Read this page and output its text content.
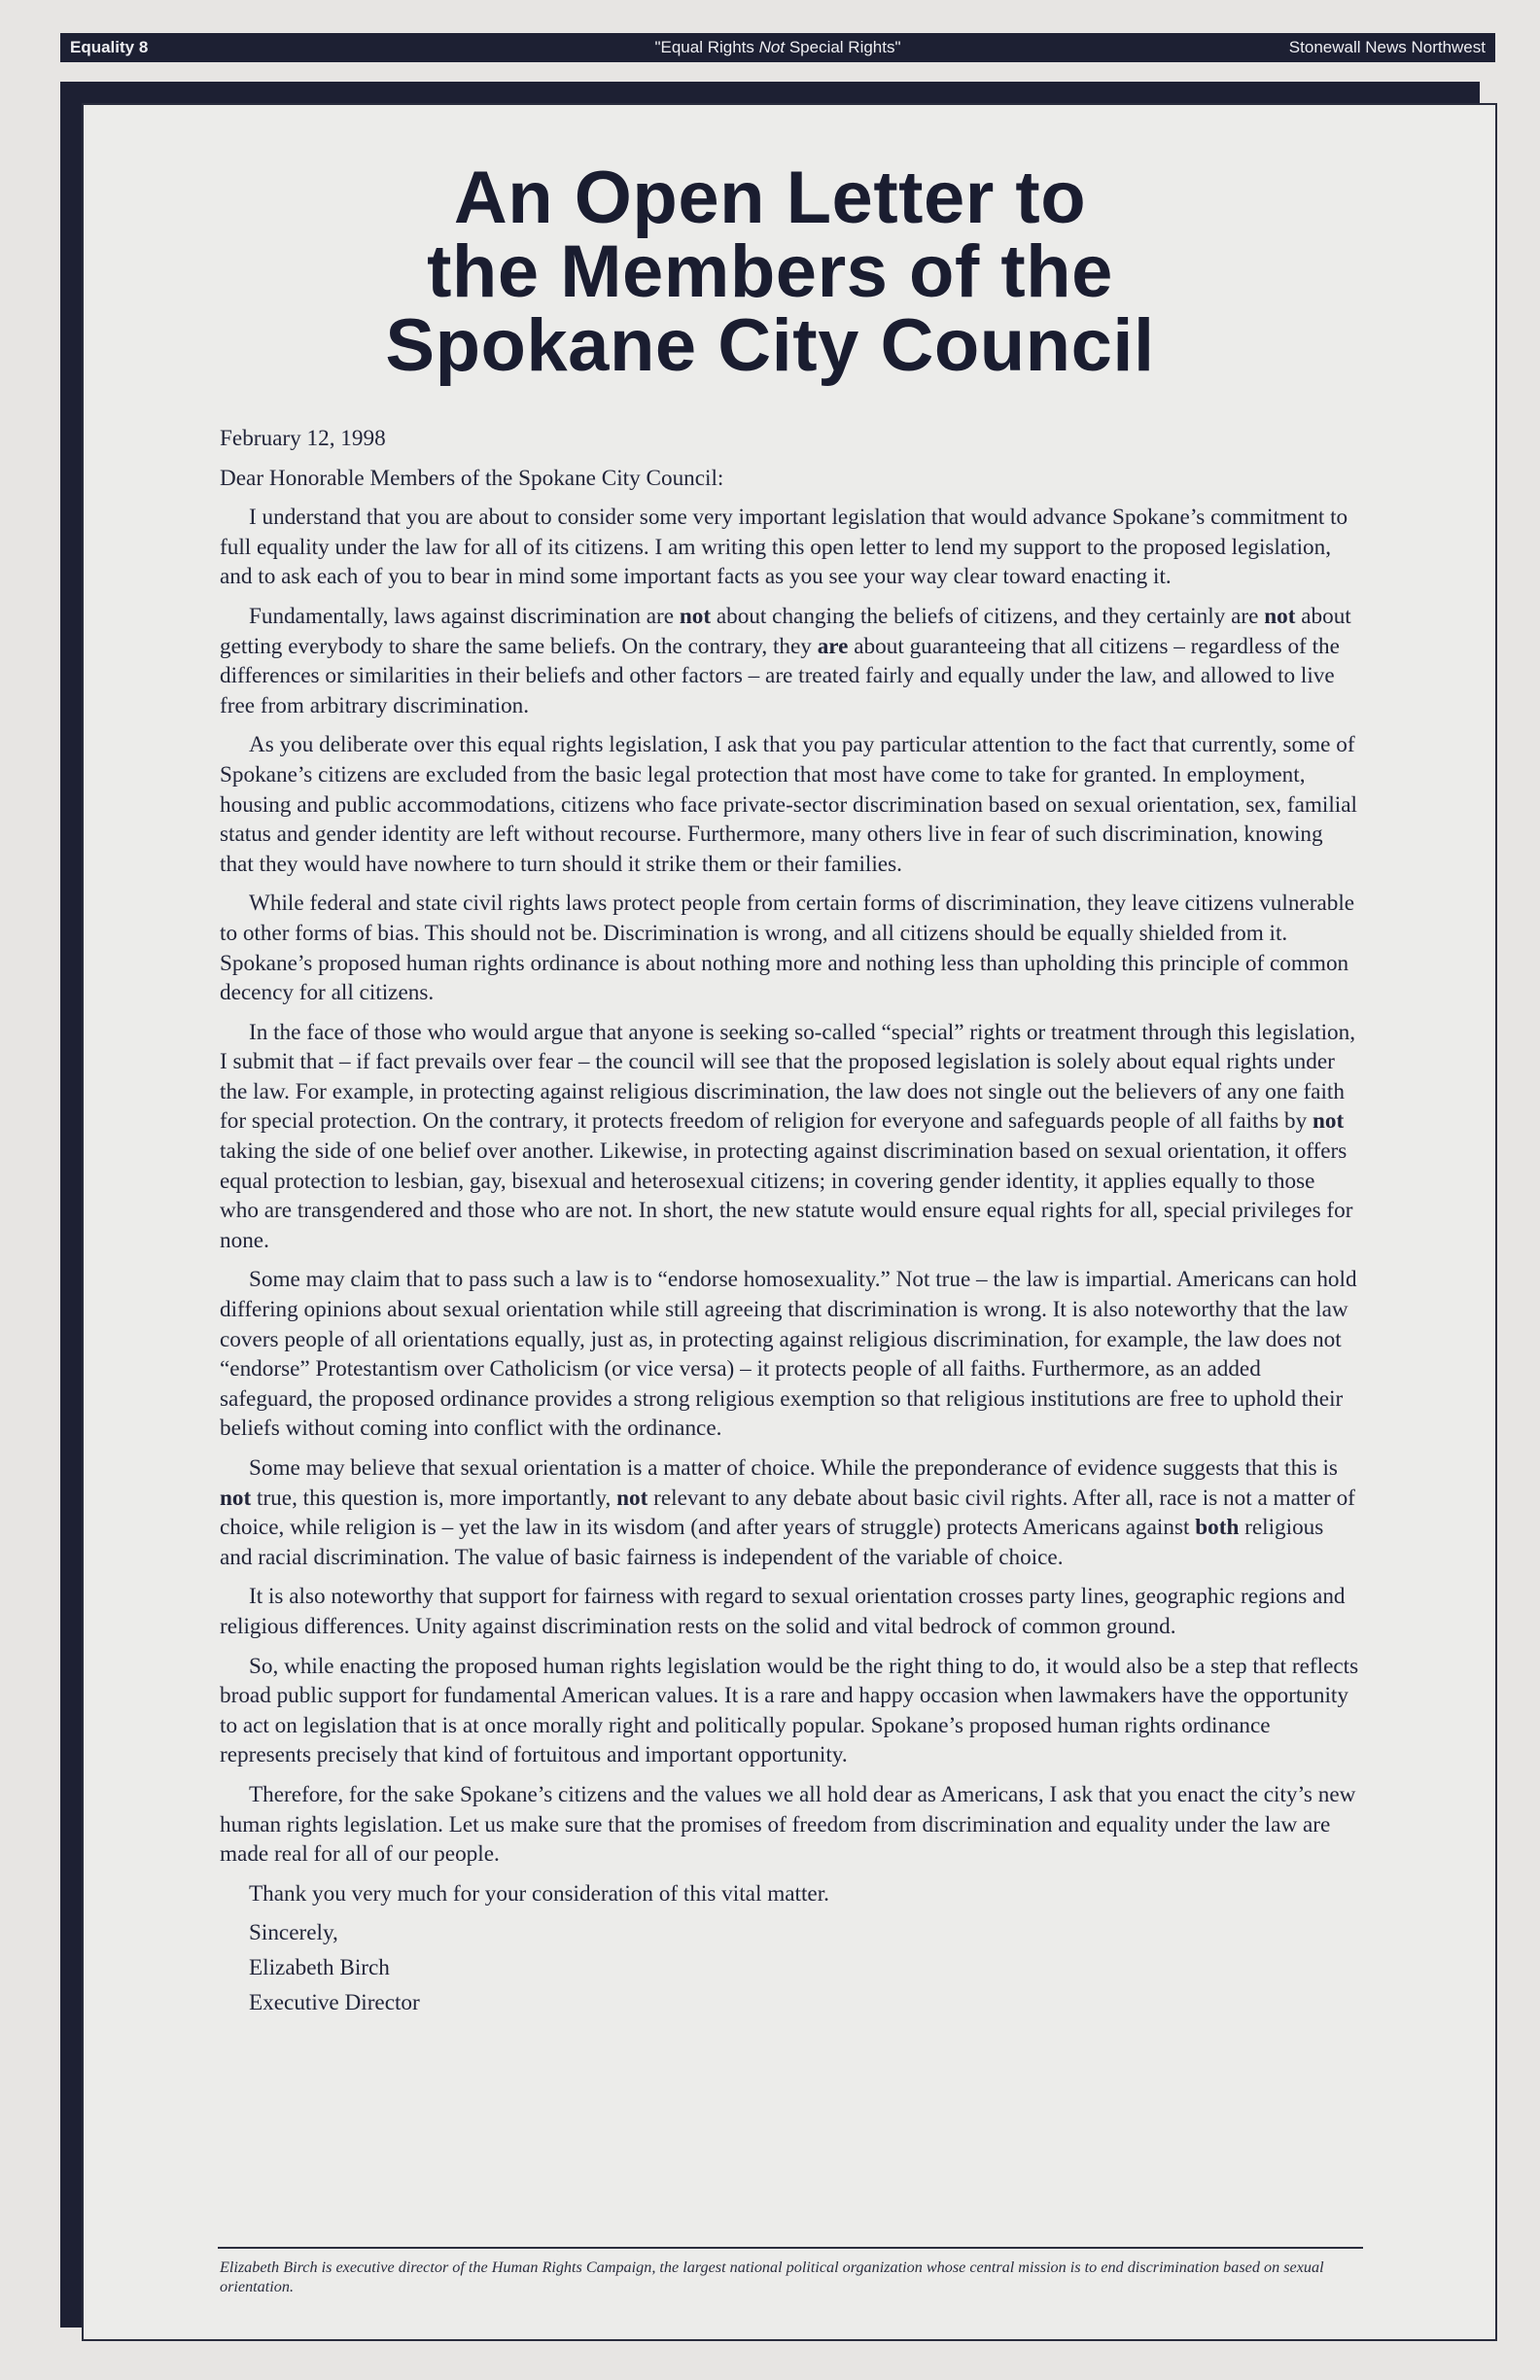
Equality 8	"Equal Rights Not Special Rights"	Stonewall News Northwest
An Open Letter to
the Members of the
Spokane City Council

February 12, 1998

Dear Honorable Members of the Spokane City Council:

I understand that you are about to consider some very important legislation that would advance Spokane’s commitment to full equality under the law for all of its citizens. I am writing this open letter to lend my support to the proposed legislation, and to ask each of you to bear in mind some important facts as you see your way clear toward enacting it.

Fundamentally, laws against discrimination are not about changing the beliefs of citizens, and they certainly are not about getting everybody to share the same beliefs. On the contrary, they are about guaranteeing that all citizens – regardless of the differences or similarities in their beliefs and other factors – are treated fairly and equally under the law, and allowed to live free from arbitrary discrimination.

As you deliberate over this equal rights legislation, I ask that you pay particular attention to the fact that currently, some of Spokane’s citizens are excluded from the basic legal protection that most have come to take for granted. In employment, housing and public accommodations, citizens who face private-sector discrimination based on sexual orientation, sex, familial status and gender identity are left without recourse. Furthermore, many others live in fear of such discrimination, knowing that they would have nowhere to turn should it strike them or their families.

While federal and state civil rights laws protect people from certain forms of discrimination, they leave citizens vulnerable to other forms of bias. This should not be. Discrimination is wrong, and all citizens should be equally shielded from it. Spokane’s proposed human rights ordinance is about nothing more and nothing less than upholding this principle of common decency for all citizens.

In the face of those who would argue that anyone is seeking so-called “special” rights or treatment through this legislation, I submit that – if fact prevails over fear – the council will see that the proposed legislation is solely about equal rights under the law. For example, in protecting against religious discrimination, the law does not single out the believers of any one faith for special protection. On the contrary, it protects freedom of religion for everyone and safeguards people of all faiths by not taking the side of one belief over another. Likewise, in protecting against discrimination based on sexual orientation, it offers equal protection to lesbian, gay, bisexual and heterosexual citizens; in covering gender identity, it applies equally to those who are transgendered and those who are not. In short, the new statute would ensure equal rights for all, special privileges for none.

Some may claim that to pass such a law is to “endorse homosexuality.” Not true – the law is impartial. Americans can hold differing opinions about sexual orientation while still agreeing that discrimination is wrong. It is also noteworthy that the law covers people of all orientations equally, just as, in protecting against religious discrimination, for example, the law does not “endorse” Protestantism over Catholicism (or vice versa) – it protects people of all faiths. Furthermore, as an added safeguard, the proposed ordinance provides a strong religious exemption so that religious institutions are free to uphold their beliefs without coming into conflict with the ordinance.

Some may believe that sexual orientation is a matter of choice. While the preponderance of evidence suggests that this is not true, this question is, more importantly, not relevant to any debate about basic civil rights. After all, race is not a matter of choice, while religion is – yet the law in its wisdom (and after years of struggle) protects Americans against both religious and racial discrimination. The value of basic fairness is independent of the variable of choice.

It is also noteworthy that support for fairness with regard to sexual orientation crosses party lines, geographic regions and religious differences. Unity against discrimination rests on the solid and vital bedrock of common ground.

So, while enacting the proposed human rights legislation would be the right thing to do, it would also be a step that reflects broad public support for fundamental American values. It is a rare and happy occasion when lawmakers have the opportunity to act on legislation that is at once morally right and politically popular. Spokane’s proposed human rights ordinance represents precisely that kind of fortuitous and important opportunity.

Therefore, for the sake Spokane’s citizens and the values we all hold dear as Americans, I ask that you enact the city’s new human rights legislation. Let us make sure that the promises of freedom from discrimination and equality under the law are made real for all of our people.

Thank you very much for your consideration of this vital matter.

Sincerely,

Elizabeth Birch

Executive Director

Elizabeth Birch is executive director of the Human Rights Campaign, the largest national political organization whose central mission is to end discrimination based on sexual orientation.
